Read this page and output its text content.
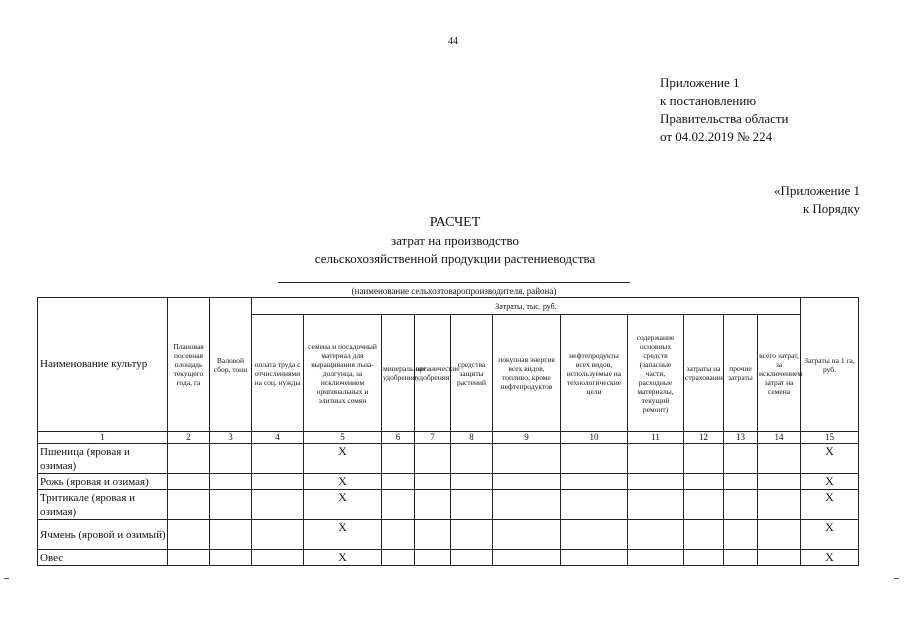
44
Приложение 1
к постановлению
Правительства области
от 04.02.2019 № 224
«Приложение 1
к Порядку
РАСЧЕТ
затрат на производство
сельскохозяйственной продукции растениеводства
(наименование сельхозтоваропроизводителя, района)
Наименование культур	Плановая посевная площадь текущего года, га	Валовой сбор, тонн	Затраты, тыс. руб.											Затраты на 1 га, руб.
			оплата труда с отчислениями на соц. нужды	семена и посадочный материал для выращивания льна-долгунца, за исключением оригинальных и элитных семян	минеральные удобрения	органические удобрения	средства защиты растений	покупная энергия всех видов, топливо, кроме нефтепродуктов	нефтепродукты всех видов, используемые на технологические цели	содержание основных средств (запасные части, расходные материалы, текущий ремонт)	затраты на страхование	прочие затраты	всего затрат, за исключением затрат на семена	
1	2	3	4	5	6	7	8	9	10	11	12	13	14	15
Пшеница (яровая и озимая)				X										X
Рожь (яровая и озимая)				X										X
Тритикале (яровая и озимая)				X										X
Ячмень (яровой и озимый)				X										X
Овес				X										X
